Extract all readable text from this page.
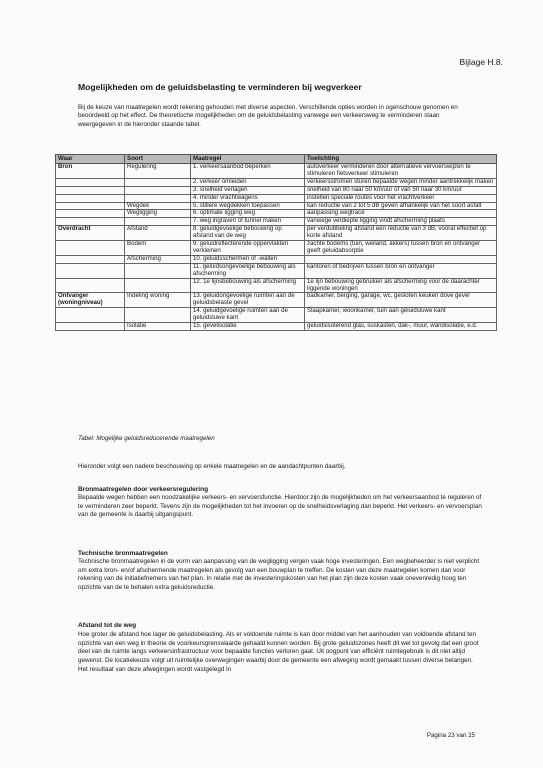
Bijlage H.8.
Mogelijkheden om de geluidsbelasting te verminderen bij wegverkeer

Bij de keuze van maatregelen wordt rekening gehouden met diverse aspecten. Verschillende opties worden in ogenschouw genomen en beoordeeld op het effect. De theoretische mogelijkheden om de geluidsbelasting vanwege een verkeersweg te verminderen staan weergegeven in de hieronder staande tabel.

Waar	Soort	Maatregel	Toelichting
Bron	Regulering	1. verkeersaanbod beperken	autoverkeer verminderen door alternatieve vervoerswijzen te stimuleren fietsverkeer stimuleren
		2. verkeer omleiden	verkeersstromen sturen bepaalde wegen minder aantrekkelijk maken
		3. snelheid verlagen	snelheid van 80 naar 50 km/uur of van 50 naar 30 km/uur
		4. minder vrachtwagens	instellen speciale routes voor het vrachtverkeer
	Wegdek	5. stillere wegdekken toepassen	kan reductie van 2 tot 5 dB geven afhankelijk van het soort asfalt
	Wegligging	6. optimale ligging weg	aanpassing wegtracé
		7. weg ingraven of tunnel maken	vanwege verdiepte ligging vindt afscherming plaats
Overdracht	Afstand	8. geluidgevoelige bebouwing op afstand van de weg	per verdubbeling afstand een reductie van 3 dB, vooral effectief op korte afstand
	Bodem	9. geluidreflecterende oppervlakten verkleinen	zachte bodems (tuin, weiland, akkers) tussen bron en ontvanger geeft geluidabsorptie
	Afscherming	10. geluidsschermen of -wallen	
		11. geluidsongevoelige bebouwing als afscherming	kantoren of bedrijven tussen bron en ontvanger
		12. 1e lijnsbebouwing als afscherming	1e lijn bebouwing gebruiken als afscherming voor de daarachter liggende woningen
Ontvanger (woningniveau)	Indeling woning	13. geluidongevoelige ruimten aan de geluidsbelaste gevel	badkamer, berging, garage, wc, gesloten keuken dove gevel
		14. geluidgevoelige ruimten aan de geluidsluwe kant	Slaapkamer, woonkamer, tuin aan geluidsluwe kant
	Isolatie	15. gevelisolatie	geluidsisolerend glas, suskasten, dak-, muur, wandisolatie, e.d.

Tabel: Mogelijke geluidsreducerende maatregelen

Hieronder volgt een nadere beschouwing op enkele maatregelen en de aandachtpunten daarbij.

Bronmaatregelen door verkeersregulering

Bepaalde wegen hebben een noodzakelijke verkeers- en vervoersfunctie. Hierdoor zijn de mogelijkheden om het verkeersaanbod te reguleren of te verminderen zeer beperkt. Tevens zijn de mogelijkheden tot het invoeren op de snelheidsverlaging dan beperkt. Het verkeers- en vervoersplan van de gemeente is daarbij uitgangspunt.

Technische bronmaatregelen

Technische bronmaatregelen in de vorm van aanpassing van de wegligging vergen vaak hoge investeringen. Een wegbeheerder is niet verplicht om extra bron- en/of afschermende maatregelen als gevolg van een bouwplan te treffen. De kosten van deze maatregelen komen dan voor rekening van de initiatiefnemers van het plan. In relatie met de investeringskosten van het plan zijn deze kosten vaak onevenredig hoog ten opzichte van de te behalen extra geluidsreductie.

Afstand tot de weg

Hoe groter de afstand hoe lager de geluidsbelasting. Als er voldoende ruimte is kan door middel van het aanhouden van voldoende afstand ten opzichte van een weg in theorie de voorkeursgrenswaarde gehaald kunnen worden. Bij grote geluidszones heeft dit wel tot gevolg dat een groot deel van de ruimte langs verkeersinfrastructuur voor bepaalde functies verloren gaat. Uit oogpunt van efficiënt ruimtegebruik is dit niet altijd gewenst. De locatiekeuze volgt uit ruimtelijke overwegingen waarbij door de gemeente een afweging wordt gemaakt tussen diverse belangen. Het resultaat van deze afwegingen wordt vastgelegd in

Pagina 23 van 25
